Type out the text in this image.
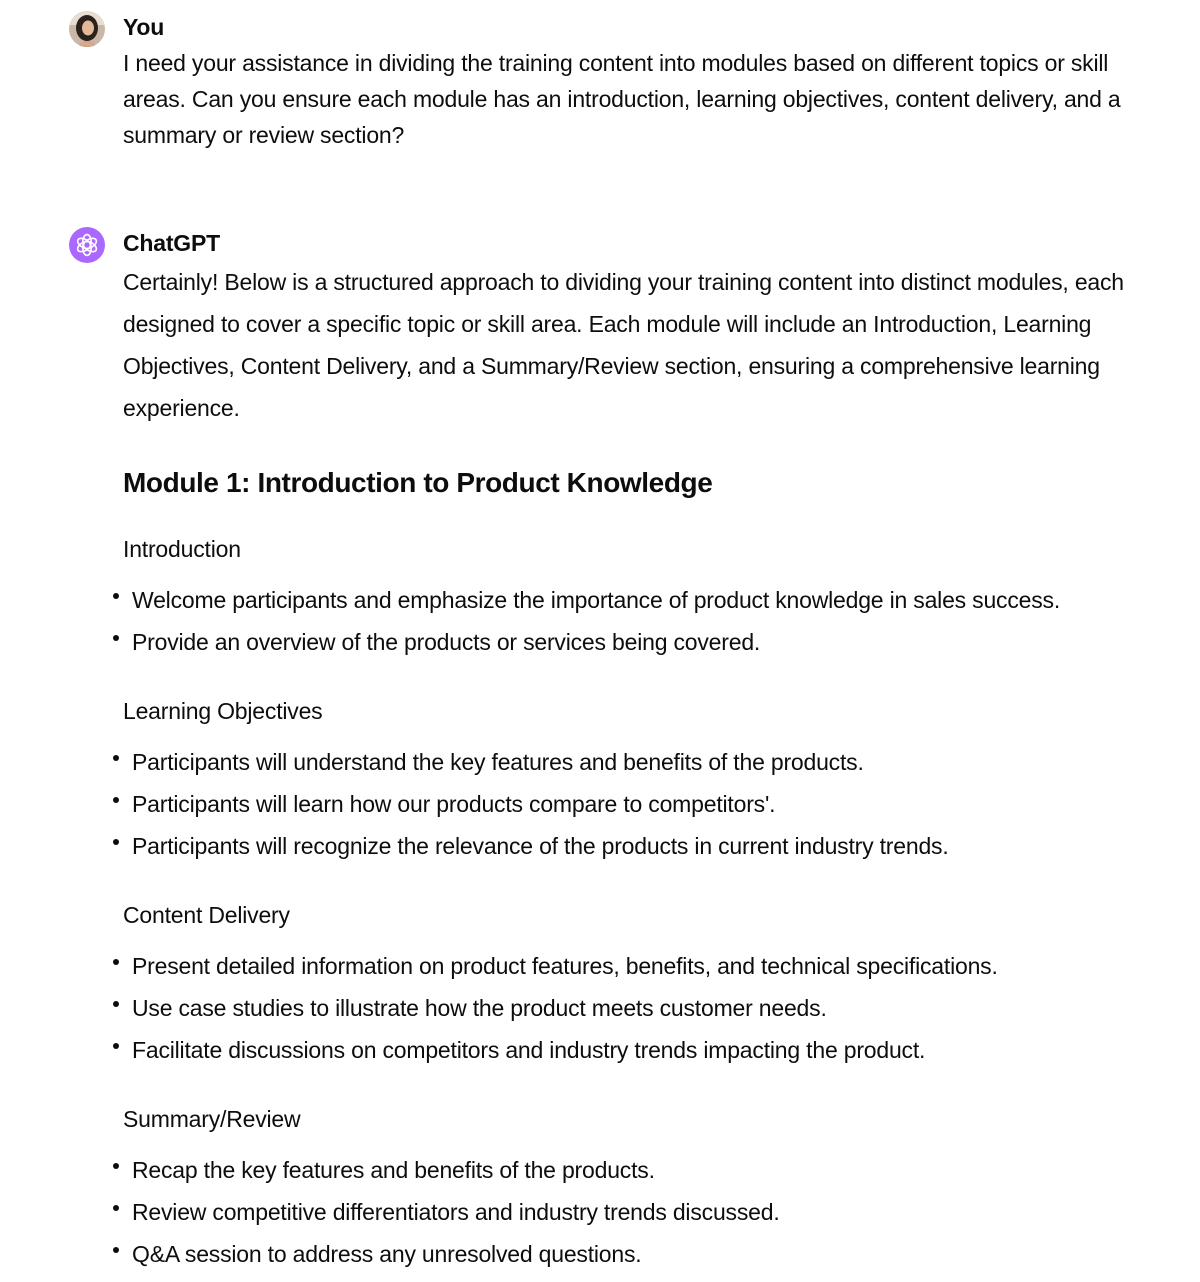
You
I need your assistance in dividing the training content into modules based on different topics or skill areas. Can you ensure each module has an introduction, learning objectives, content delivery, and a summary or review section?
ChatGPT
Certainly! Below is a structured approach to dividing your training content into distinct modules, each designed to cover a specific topic or skill area. Each module will include an Introduction, Learning Objectives, Content Delivery, and a Summary/Review section, ensuring a comprehensive learning experience.
Module 1: Introduction to Product Knowledge
Introduction
Welcome participants and emphasize the importance of product knowledge in sales success.
Provide an overview of the products or services being covered.
Learning Objectives
Participants will understand the key features and benefits of the products.
Participants will learn how our products compare to competitors'.
Participants will recognize the relevance of the products in current industry trends.
Content Delivery
Present detailed information on product features, benefits, and technical specifications.
Use case studies to illustrate how the product meets customer needs.
Facilitate discussions on competitors and industry trends impacting the product.
Summary/Review
Recap the key features and benefits of the products.
Review competitive differentiators and industry trends discussed.
Q&A session to address any unresolved questions.
